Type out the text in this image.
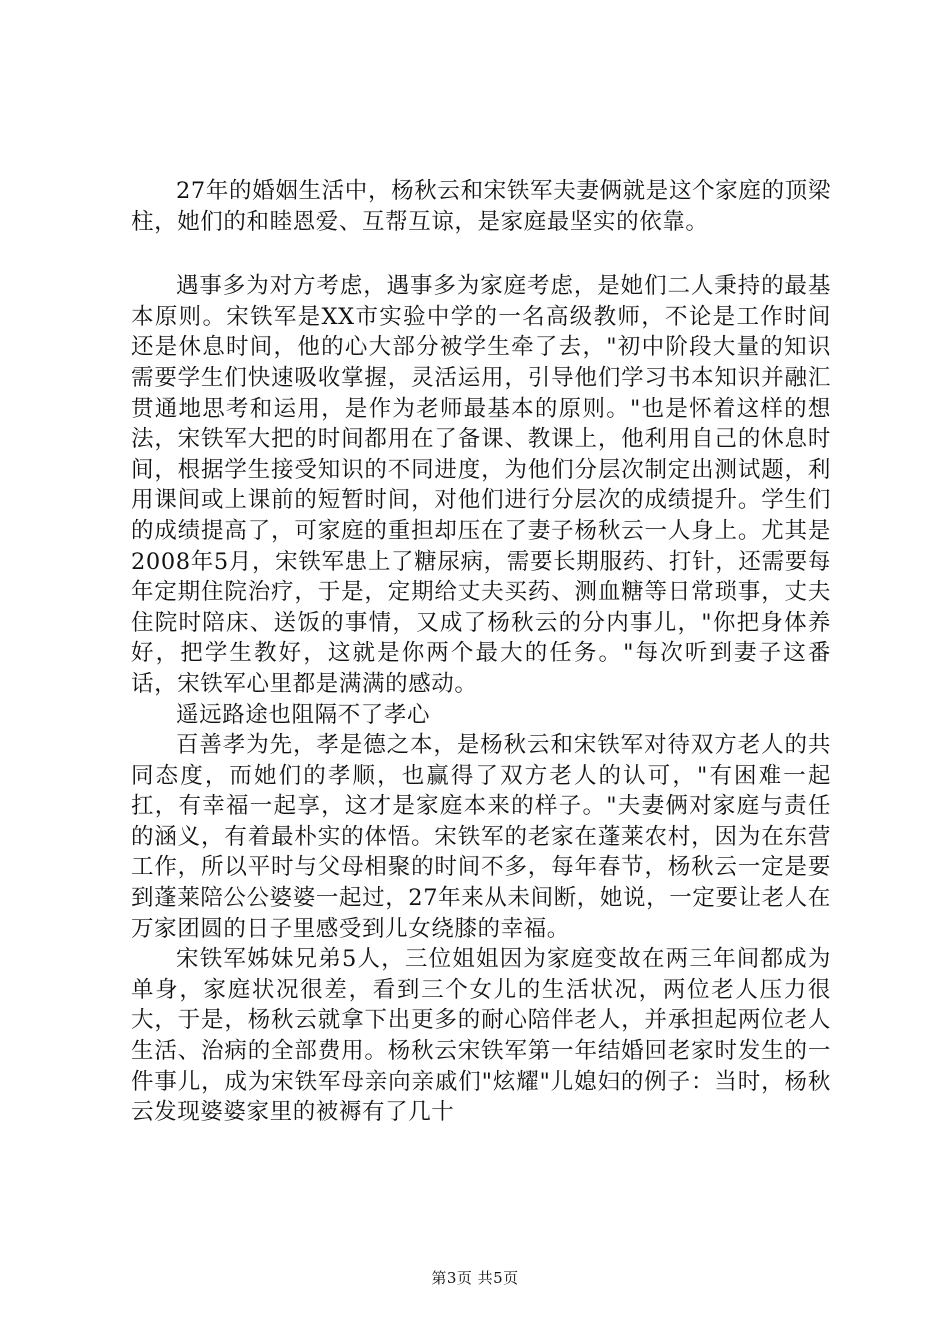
27年的婚姻生活中，杨秋云和宋铁军夫妻俩就是这个家庭的顶梁柱，她们的和睦恩爱、互帮互谅，是家庭最坚实的依靠。

遇事多为对方考虑，遇事多为家庭考虑，是她们二人秉持的最基本原则。宋铁军是XX市实验中学的一名高级教师，不论是工作时间还是休息时间，他的心大部分被学生牵了去，"初中阶段大量的知识需要学生们快速吸收掌握，灵活运用，引导他们学习书本知识并融汇贯通地思考和运用，是作为老师最基本的原则。"也是怀着这样的想法，宋铁军大把的时间都用在了备课、教课上，他利用自己的休息时间，根据学生接受知识的不同进度，为他们分层次制定出测试题，利用课间或上课前的短暂时间，对他们进行分层次的成绩提升。学生们的成绩提高了，可家庭的重担却压在了妻子杨秋云一人身上。尤其是2008年5月，宋铁军患上了糖尿病，需要长期服药、打针，还需要每年定期住院治疗，于是，定期给丈夫买药、测血糖等日常琐事，丈夫住院时陪床、送饭的事情，又成了杨秋云的分内事儿，"你把身体养好，把学生教好，这就是你两个最大的任务。"每次听到妻子这番话，宋铁军心里都是满满的感动。

遥远路途也阻隔不了孝心

百善孝为先，孝是德之本，是杨秋云和宋铁军对待双方老人的共同态度，而她们的孝顺，也赢得了双方老人的认可，"有困难一起扛，有幸福一起享，这才是家庭本来的样子。"夫妻俩对家庭与责任的涵义，有着最朴实的体悟。宋铁军的老家在蓬莱农村，因为在东营工作，所以平时与父母相聚的时间不多，每年春节，杨秋云一定是要到蓬莱陪公公婆婆一起过，27年来从未间断，她说，一定要让老人在万家团圆的日子里感受到儿女绕膝的幸福。

宋铁军姊妹兄弟5人，三位姐姐因为家庭变故在两三年间都成为单身，家庭状况很差，看到三个女儿的生活状况，两位老人压力很大，于是，杨秋云就拿下出更多的耐心陪伴老人，并承担起两位老人生活、治病的全部费用。杨秋云宋铁军第一年结婚回老家时发生的一件事儿，成为宋铁军母亲向亲戚们"炫耀"儿媳妇的例子：当时，杨秋云发现婆婆家里的被褥有了几十

第3页 共5页
